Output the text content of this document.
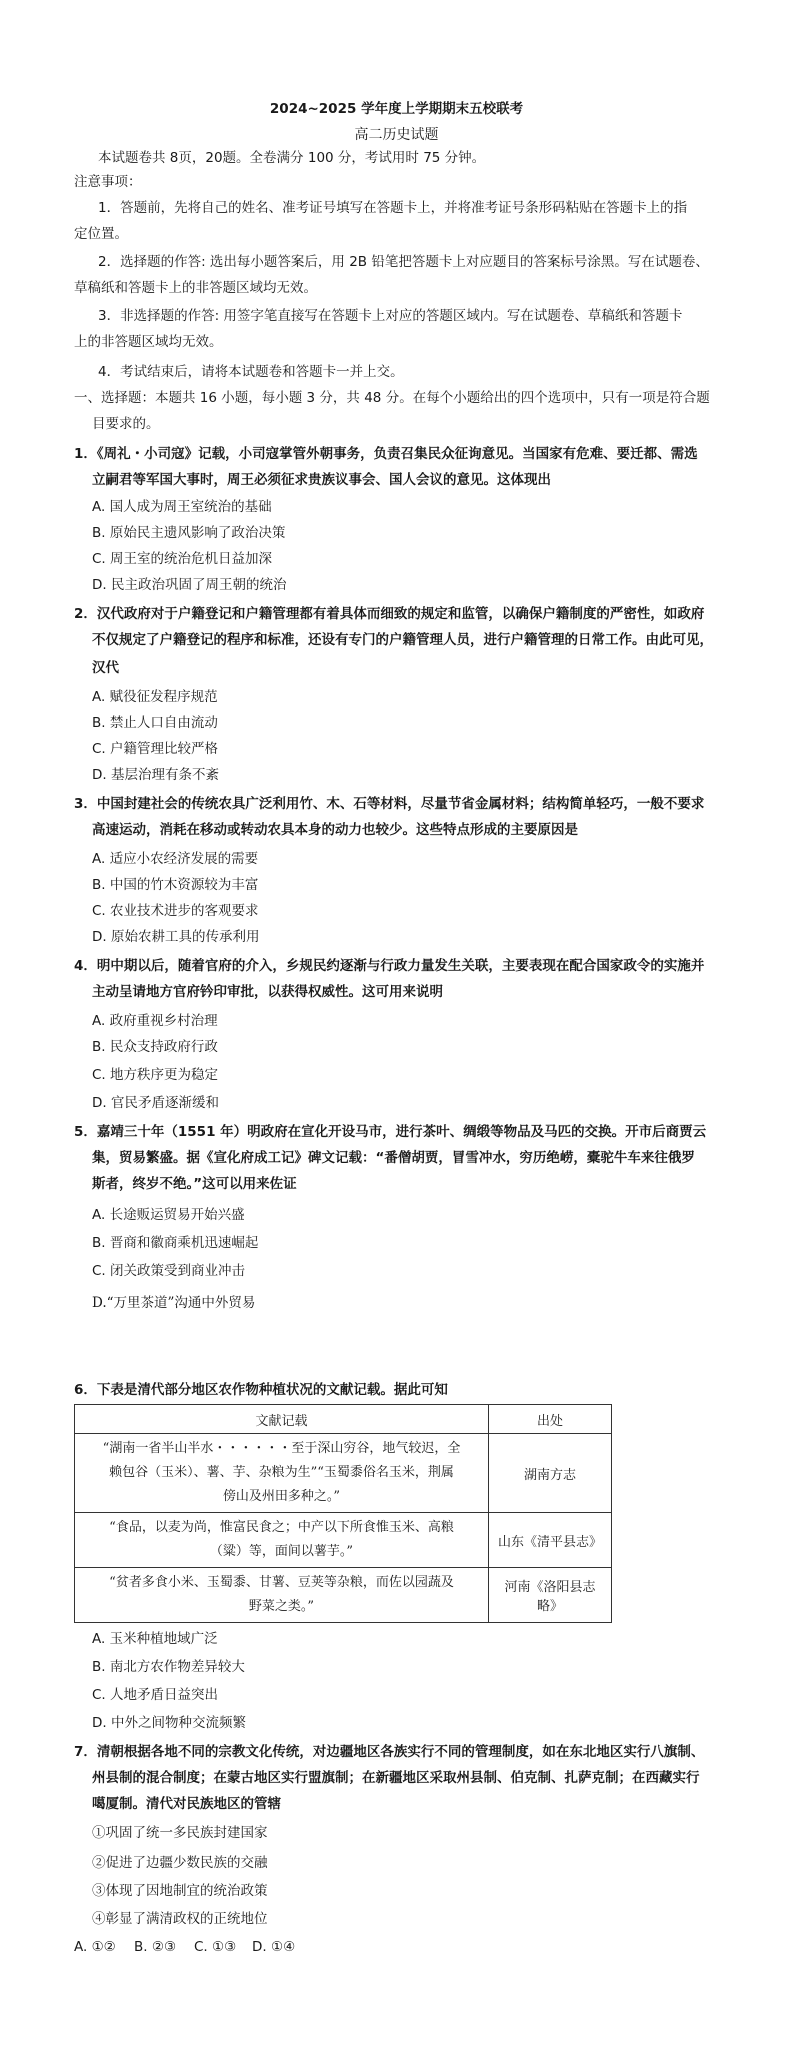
2024~2025 学年度上学期期末五校联考
高二历史试题
本试题卷共 8页，20题。全卷满分 100 分，考试用时 75 分钟。
注意事项：
1．答题前，先将自己的姓名、准考证号填写在答题卡上，并将准考证号条形码粘贴在答题卡上的指
定位置。
2．选择题的作答: 选出每小题答案后，用 2B 铅笔把答题卡上对应题目的答案标号涂黑。写在试题卷、
草稿纸和答题卡上的非答题区域均无效。
3．非选择题的作答: 用签字笔直接写在答题卡上对应的答题区域内。写在试题卷、草稿纸和答题卡
上的非答题区域均无效。
4．考试结束后，请将本试题卷和答题卡一并上交。
一、选择题：本题共 16 小题，每小题 3 分，共 48 分。在每个小题给出的四个选项中，只有一项是符合题
目要求的。
1．《周礼・小司寇》记载，小司寇掌管外朝事务，负责召集民众征询意见。当国家有危难、要迁都、需选
立嗣君等军国大事时，周王必须征求贵族议事会、国人会议的意见。这体现出
A. 国人成为周王室统治的基础
B. 原始民主遗风影响了政治决策
C. 周王室的统治危机日益加深
D. 民主政治巩固了周王朝的统治
2．汉代政府对于户籍登记和户籍管理都有着具体而细致的规定和监管，以确保户籍制度的严密性，如政府
不仅规定了户籍登记的程序和标准，还设有专门的户籍管理人员，进行户籍管理的日常工作。由此可见，
汉代
A. 赋役征发程序规范
B. 禁止人口自由流动
C. 户籍管理比较严格
D. 基层治理有条不紊
3．中国封建社会的传统农具广泛利用竹、木、石等材料，尽量节省金属材料；结构简单轻巧，一般不要求
高速运动，消耗在移动或转动农具本身的动力也较少。这些特点形成的主要原因是
A. 适应小农经济发展的需要
B. 中国的竹木资源较为丰富
C. 农业技术进步的客观要求
D. 原始农耕工具的传承利用
4．明中期以后，随着官府的介入，乡规民约逐渐与行政力量发生关联，主要表现在配合国家政令的实施并
主动呈请地方官府钤印审批，以获得权威性。这可用来说明
A. 政府重视乡村治理
B. 民众支持政府行政
C. 地方秩序更为稳定
D. 官民矛盾逐渐缓和
5．嘉靖三十年（1551 年）明政府在宣化开设马市，进行茶叶、绸缎等物品及马匹的交换。开市后商贾云
集，贸易繁盛。据《宣化府成工记》碑文记载：“番僧胡贾，冒雪冲水，穷历绝崂，橐驼牛车来往俄罗
斯者，终岁不绝。”这可以用来佐证
A. 长途贩运贸易开始兴盛
B. 晋商和徽商乘机迅速崛起
C. 闭关政策受到商业冲击
D.“万里茶道”沟通中外贸易
6．下表是清代部分地区农作物种植状况的文献记载。据此可知
文献记载	出处

“湖南一省半山半水・・・・・・至于深山穷谷，地气较迟，全
赖包谷（玉米）、薯、芋、杂粮为生”“玉蜀黍俗名玉米，荆属
傍山及州田多种之。”	湖南方志

“食品，以麦为尚，惟富民食之；中产以下所食惟玉米、高粮
（粱）等，面间以薯芋。”	山东《清平县志》

“贫者多食小米、玉蜀黍、甘薯、豆荚等杂粮，而佐以园蔬及
野菜之类。”	河南《洛阳县志略》
A. 玉米种植地域广泛
B. 南北方农作物差异较大
C. 人地矛盾日益突出
D. 中外之间物种交流频繁
7．清朝根据各地不同的宗教文化传统，对边疆地区各族实行不同的管理制度，如在东北地区实行八旗制、
州县制的混合制度；在蒙古地区实行盟旗制；在新疆地区采取州县制、伯克制、扎萨克制；在西藏实行
噶厦制。清代对民族地区的管辖
①巩固了统一多民族封建国家
②促进了边疆少数民族的交融
③体现了因地制宜的统治政策
④彰显了满清政权的正统地位
A. ①② B. ②③ C. ①③ D. ①④
